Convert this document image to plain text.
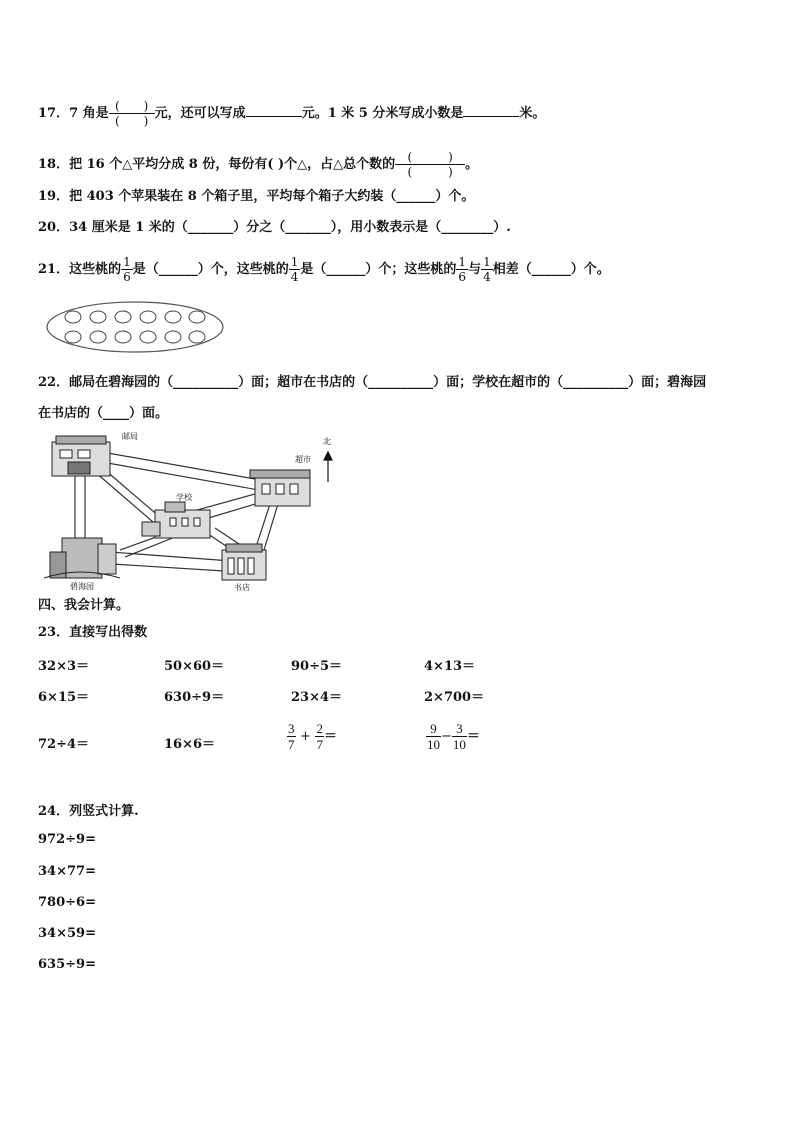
17．7 角是 $\frac{( )}{( )}$ 元，还可以写成	元。1 米 5 分米写成小数是	米。
18．把 16 个△平均分成 8 份，每份有( )个△，占△总个数的 $\frac{( )}{( )}$ 。
19．把 403 个苹果装在 8 个箱子里，平均每个箱子大约装（______）个。
20．34 厘米是 1 米的（_______）分之（_______），用小数表示是（________）.
21．这些桃的 $\frac{1}{6}$ 是（______）个，这些桃的 $\frac{1}{4}$ 是（______）个；这些桃的 $\frac{1}{6}$ 与 $\frac{1}{4}$ 相差（______）个。
22．邮局在碧海园的（__________）面；超市在书店的（__________）面；学校在超市的（__________）面；碧海园
在书店的（____）面。
邮局
超市
学校
碧海园	书店
北
四、我会计算。
23．直接写出得数
32×3＝	50×60＝	90÷5＝	4×13＝
6×15＝	630÷9＝	23×4＝	2×700＝
72÷4＝	16×6＝	$\frac{3}{7} + \frac{2}{7}$ ＝	$\frac{9}{10} - \frac{3}{10}$ ＝
24．列竖式计算.
972÷9=
34×77=
780÷6=
34×59=
635÷9=
